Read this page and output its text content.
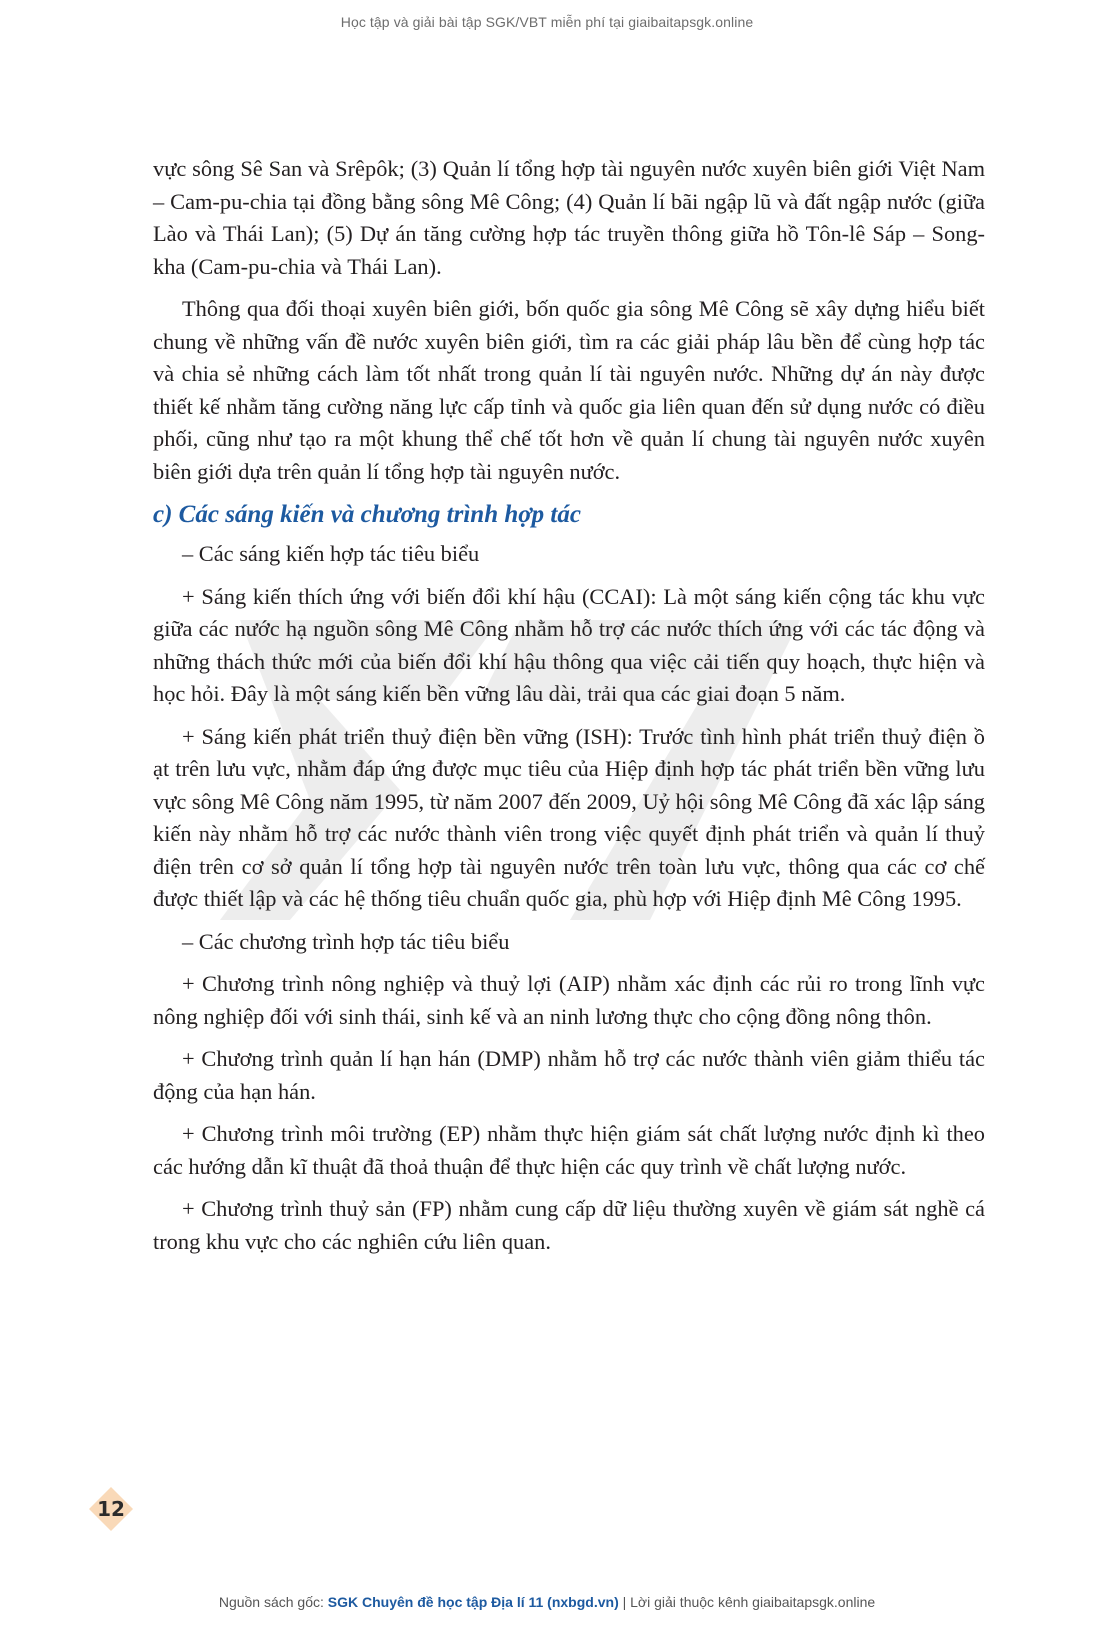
Học tập và giải bài tập SGK/VBT miễn phí tại giaibaitapsgk.online

vực sông Sê San và Srêpôk; (3) Quản lí tổng hợp tài nguyên nước xuyên biên giới Việt Nam – Cam-pu-chia tại đồng bằng sông Mê Công; (4) Quản lí bãi ngập lũ và đất ngập nước (giữa Lào và Thái Lan); (5) Dự án tăng cường hợp tác truyền thông giữa hồ Tôn-lê Sáp – Song-kha (Cam-pu-chia và Thái Lan).

Thông qua đối thoại xuyên biên giới, bốn quốc gia sông Mê Công sẽ xây dựng hiểu biết chung về những vấn đề nước xuyên biên giới, tìm ra các giải pháp lâu bền để cùng hợp tác và chia sẻ những cách làm tốt nhất trong quản lí tài nguyên nước. Những dự án này được thiết kế nhằm tăng cường năng lực cấp tỉnh và quốc gia liên quan đến sử dụng nước có điều phối, cũng như tạo ra một khung thể chế tốt hơn về quản lí chung tài nguyên nước xuyên biên giới dựa trên quản lí tổng hợp tài nguyên nước.

c) Các sáng kiến và chương trình hợp tác

– Các sáng kiến hợp tác tiêu biểu

+ Sáng kiến thích ứng với biến đổi khí hậu (CCAI): Là một sáng kiến cộng tác khu vực giữa các nước hạ nguồn sông Mê Công nhằm hỗ trợ các nước thích ứng với các tác động và những thách thức mới của biến đổi khí hậu thông qua việc cải tiến quy hoạch, thực hiện và học hỏi. Đây là một sáng kiến bền vững lâu dài, trải qua các giai đoạn 5 năm.

+ Sáng kiến phát triển thuỷ điện bền vững (ISH): Trước tình hình phát triển thuỷ điện ồ ạt trên lưu vực, nhằm đáp ứng được mục tiêu của Hiệp định hợp tác phát triển bền vững lưu vực sông Mê Công năm 1995, từ năm 2007 đến 2009, Uỷ hội sông Mê Công đã xác lập sáng kiến này nhằm hỗ trợ các nước thành viên trong việc quyết định phát triển và quản lí thuỷ điện trên cơ sở quản lí tổng hợp tài nguyên nước trên toàn lưu vực, thông qua các cơ chế được thiết lập và các hệ thống tiêu chuẩn quốc gia, phù hợp với Hiệp định Mê Công 1995.

– Các chương trình hợp tác tiêu biểu

+ Chương trình nông nghiệp và thuỷ lợi (AIP) nhằm xác định các rủi ro trong lĩnh vực nông nghiệp đối với sinh thái, sinh kế và an ninh lương thực cho cộng đồng nông thôn.

+ Chương trình quản lí hạn hán (DMP) nhằm hỗ trợ các nước thành viên giảm thiểu tác động của hạn hán.

+ Chương trình môi trường (EP) nhằm thực hiện giám sát chất lượng nước định kì theo các hướng dẫn kĩ thuật đã thoả thuận để thực hiện các quy trình về chất lượng nước.

+ Chương trình thuỷ sản (FP) nhằm cung cấp dữ liệu thường xuyên về giám sát nghề cá trong khu vực cho các nghiên cứu liên quan.

12
Nguồn sách gốc: SGK Chuyên đề học tập Địa lí 11 (nxbgd.vn) | Lời giải thuộc kênh giaibaitapsgk.online
